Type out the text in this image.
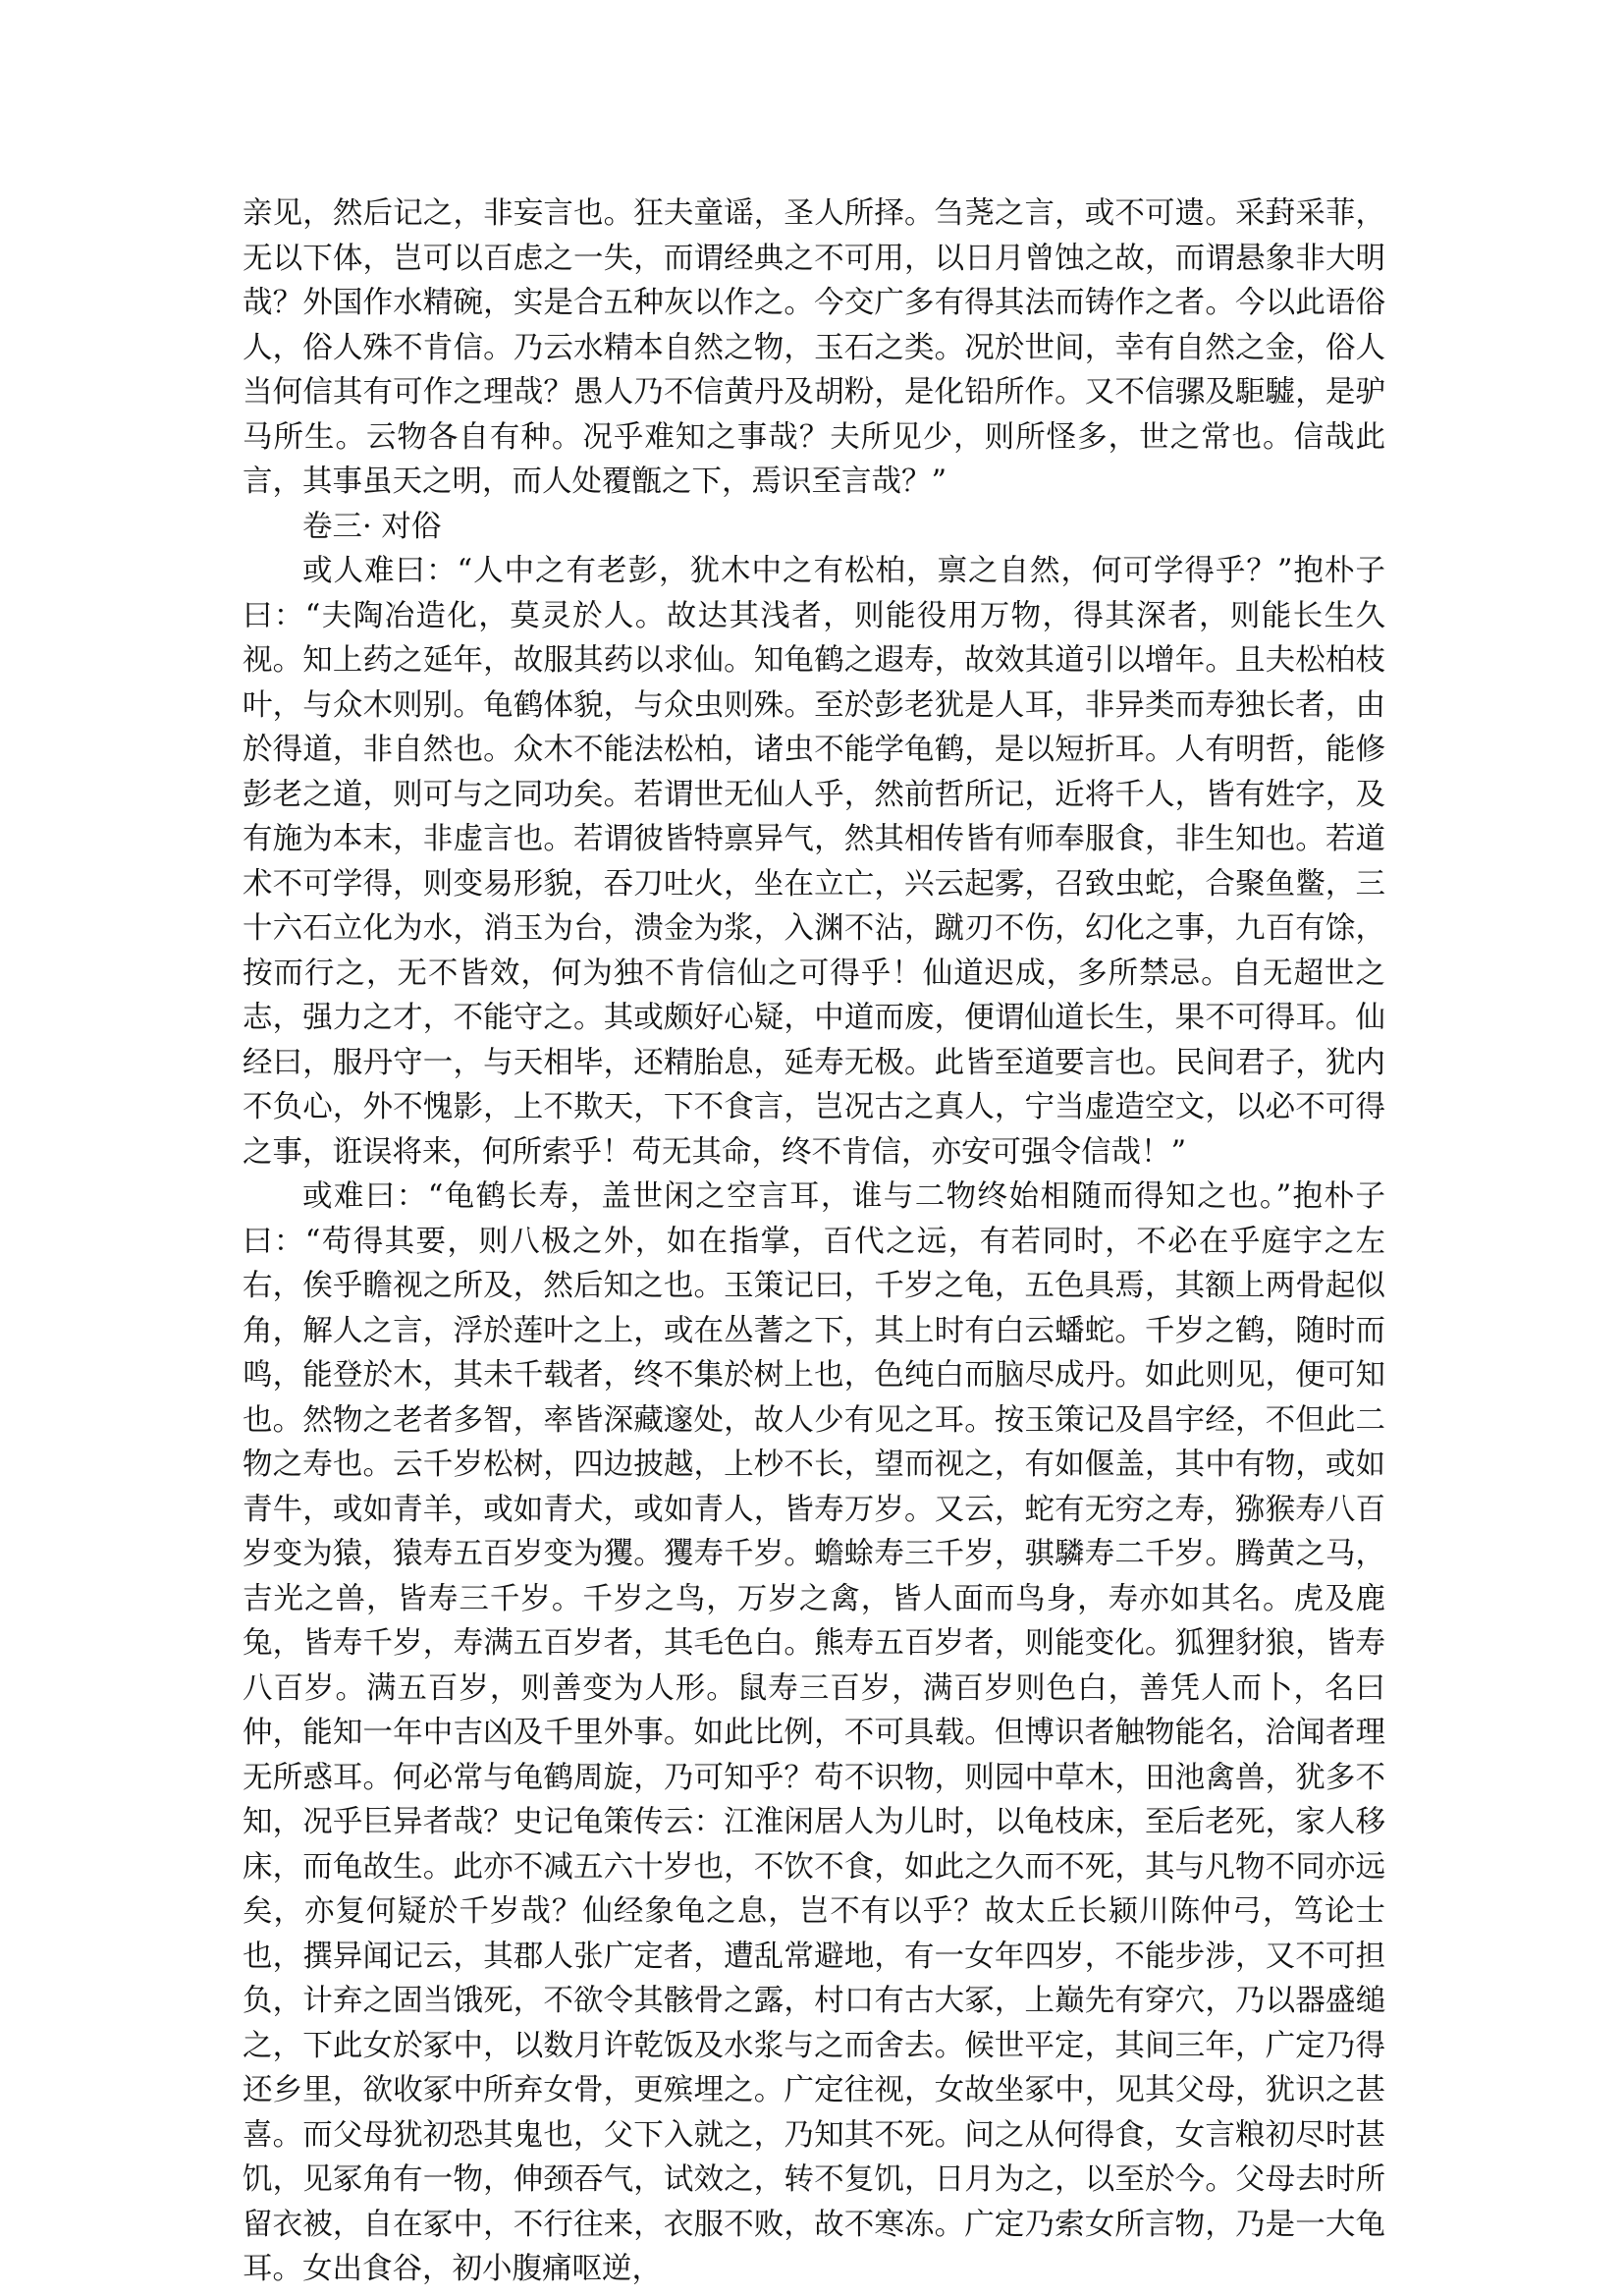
亲见，然后记之，非妄言也。狂夫童谣，圣人所择。刍荛之言，或不可遗。采葑采菲，无以下体，岂可以百虑之一失，而谓经典之不可用，以日月曾蚀之故，而谓悬象非大明哉？外国作水精碗，实是合五种灰以作之。今交广多有得其法而铸作之者。今以此语俗人，俗人殊不肯信。乃云水精本自然之物，玉石之类。况於世间，幸有自然之金，俗人当何信其有可作之理哉？愚人乃不信黄丹及胡粉，是化铅所作。又不信骡及駏驉，是驴马所生。云物各自有种。况乎难知之事哉？夫所见少，则所怪多，世之常也。信哉此言，其事虽天之明，而人处覆甑之下，焉识至言哉？”

卷三· 对俗

或人难曰：“人中之有老彭，犹木中之有松柏，禀之自然，何可学得乎？”抱朴子曰：“夫陶冶造化，莫灵於人。故达其浅者，则能役用万物，得其深者，则能长生久视。知上药之延年，故服其药以求仙。知龟鹤之遐寿，故效其道引以增年。且夫松柏枝叶，与众木则别。龟鹤体貌，与众虫则殊。至於彭老犹是人耳，非异类而寿独长者，由於得道，非自然也。众木不能法松柏，诸虫不能学龟鹤，是以短折耳。人有明哲，能修彭老之道，则可与之同功矣。若谓世无仙人乎，然前哲所记，近将千人，皆有姓字，及有施为本末，非虚言也。若谓彼皆特禀异气，然其相传皆有师奉服食，非生知也。若道术不可学得，则变易形貌，吞刀吐火，坐在立亡，兴云起雾，召致虫蛇，合聚鱼鳖，三十六石立化为水，消玉为台，溃金为浆，入渊不沾，蹴刃不伤，幻化之事，九百有馀，按而行之，无不皆效，何为独不肯信仙之可得乎！仙道迟成，多所禁忌。自无超世之志，强力之才，不能守之。其或颇好心疑，中道而废，便谓仙道长生，果不可得耳。仙经曰，服丹守一，与天相毕，还精胎息，延寿无极。此皆至道要言也。民间君子，犹内不负心，外不愧影，上不欺天，下不食言，岂况古之真人，宁当虚造空文，以必不可得之事，诳误将来，何所索乎！苟无其命，终不肯信，亦安可强令信哉！”

或难曰：“龟鹤长寿，盖世闲之空言耳，谁与二物终始相随而得知之也。”抱朴子曰：“苟得其要，则八极之外，如在指掌，百代之远，有若同时，不必在乎庭宇之左右，俟乎瞻视之所及，然后知之也。玉策记曰，千岁之龟，五色具焉，其额上两骨起似角，解人之言，浮於莲叶之上，或在丛蓍之下，其上时有白云蟠蛇。千岁之鹤，随时而鸣，能登於木，其未千载者，终不集於树上也，色纯白而脑尽成丹。如此则见，便可知也。然物之老者多智，率皆深藏邃处，故人少有见之耳。按玉策记及昌宇经，不但此二物之寿也。云千岁松树，四边披越，上杪不长，望而视之，有如偃盖，其中有物，或如青牛，或如青羊，或如青犬，或如青人，皆寿万岁。又云，蛇有无穷之寿，猕猴寿八百岁变为猿，猿寿五百岁变为玃。玃寿千岁。蟾蜍寿三千岁，骐驎寿二千岁。腾黄之马，吉光之兽，皆寿三千岁。千岁之鸟，万岁之禽，皆人面而鸟身，寿亦如其名。虎及鹿兔，皆寿千岁，寿满五百岁者，其毛色白。熊寿五百岁者，则能变化。狐狸豺狼，皆寿八百岁。满五百岁，则善变为人形。鼠寿三百岁，满百岁则色白，善凭人而卜，名曰仲，能知一年中吉凶及千里外事。如此比例，不可具载。但博识者触物能名，洽闻者理无所惑耳。何必常与龟鹤周旋，乃可知乎？苟不识物，则园中草木，田池禽兽，犹多不知，况乎巨异者哉？史记龟策传云：江淮闲居人为儿时，以龟枝床，至后老死，家人移床，而龟故生。此亦不减五六十岁也，不饮不食，如此之久而不死，其与凡物不同亦远矣，亦复何疑於千岁哉？仙经象龟之息，岂不有以乎？故太丘长颍川陈仲弓，笃论士也，撰异闻记云，其郡人张广定者，遭乱常避地，有一女年四岁，不能步涉，又不可担负，计弃之固当饿死，不欲令其骸骨之露，村口有古大冢，上巅先有穿穴，乃以器盛缒之，下此女於冢中，以数月许乾饭及水浆与之而舍去。候世平定，其间三年，广定乃得还乡里，欲收冢中所弃女骨，更殡埋之。广定往视，女故坐冢中，见其父母，犹识之甚喜。而父母犹初恐其鬼也，父下入就之，乃知其不死。问之从何得食，女言粮初尽时甚饥，见冢角有一物，伸颈吞气，试效之，转不复饥，日月为之，以至於今。父母去时所留衣被，自在冢中，不行往来，衣服不败，故不寒冻。广定乃索女所言物，乃是一大龟耳。女出食谷，初小腹痛呕逆，
